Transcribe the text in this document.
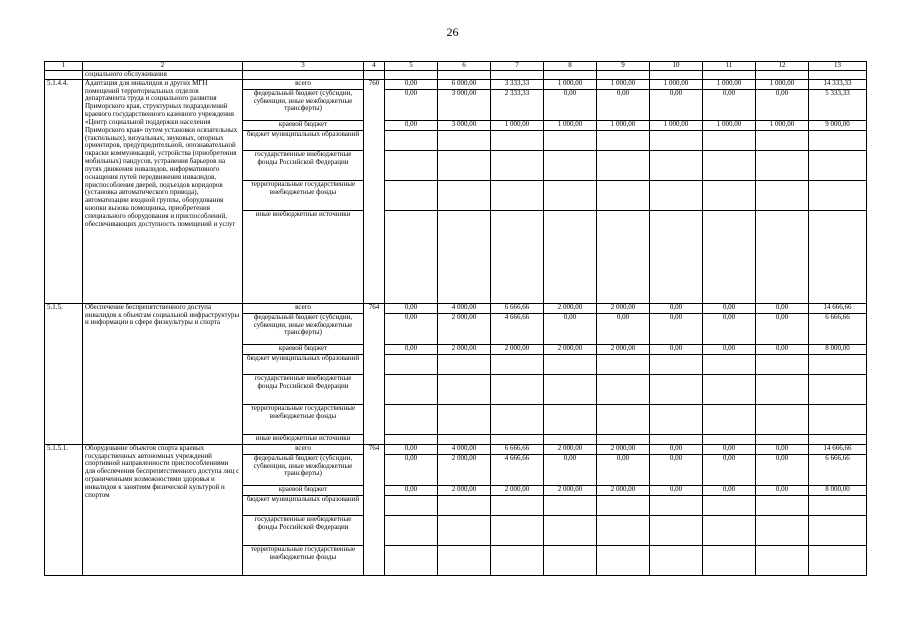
26
1	2	3	4	5	6	7	8	9	10	11	12	13
	социального обслуживания											
5.1.4.4.	Адаптация для инвалидов и других МГН помещений территориальных отделов департамента труда и социального развития Приморского края, структурных подразделений краевого государственного казенного учреждения «Центр социальной поддержки населения Приморского края» путем установки осязательных (тактильных), визуальных, звуковых, опорных ориентиров, предупредительной, опознавательной окраски коммуникаций, устройства (приобретения мобильных) пандусов, устранения барьеров на путях движения инвалидов, информативного оснащения путей передвижения инвалидов, приспособления дверей, подъездов коридоров (установка автоматического привода), автоматизации входной группы, оборудования кнопки вызова помощника, приобретения специального оборудования и приспособлений, обеспечивающих доступность помещений и услуг	всего	760	0,00	6 000,00	3 333,33	1 000,00	1 000,00	1 000,00	1 000,00	1 000,00	14 333,33
		федеральный бюджет (субсидии, субвенции, иные межбюджетные трансферты)		0,00	3 000,00	2 333,33	0,00	0,00	0,00	0,00	0,00	5 333,33
		краевой бюджет		0,00	3 000,00	1 000,00	1 000,00	1 000,00	1 000,00	1 000,00	1 000,00	9 000,00
		бюджет муниципальных образований										
		государственные внебюджетные фонды Российской Федерации										
		территориальные государственные внебюджетные фонды										
		иные внебюджетные источники										
5.1.5.	Обеспечение беспрепятственного доступа инвалидов к объектам социальной инфраструктуры и информации в сфере физкультуры и спорта	всего	764	0,00	4 000,00	6 666,66	2 000,00	2 000,00	0,00	0,00	0,00	14 666,66
		федеральный бюджет (субсидии, субвенции, иные межбюджетные трансферты)		0,00	2 000,00	4 666,66	0,00	0,00	0,00	0,00	0,00	6 666,66
		краевой бюджет		0,00	2 000,00	2 000,00	2 000,00	2 000,00	0,00	0,00	0,00	8 000,00
		бюджет муниципальных образований										
		государственные внебюджетные фонды Российской Федерации										
		территориальные государственные внебюджетные фонды										
		иные внебюджетные источники										
5.1.5.1.	Оборудование объектов спорта краевых государственных автономных учреждений спортивной направленности приспособлениями для обеспечения беспрепятственного доступа лиц с ограниченными возможностями здоровья и инвалидов к занятиям физической культурой и спортом	всего	764	0,00	4 000,00	6 666,66	2 000,00	2 000,00	0,00	0,00	0,00	14 666,66
		федеральный бюджет (субсидии, субвенции, иные межбюджетные трансферты)		0,00	2 000,00	4 666,66	0,00	0,00	0,00	0,00	0,00	6 666,66
		краевой бюджет		0,00	2 000,00	2 000,00	2 000,00	2 000,00	0,00	0,00	0,00	8 000,00
		бюджет муниципальных образований										
		государственные внебюджетные фонды Российской Федерации										
		территориальные государственные внебюджетные фонды										
